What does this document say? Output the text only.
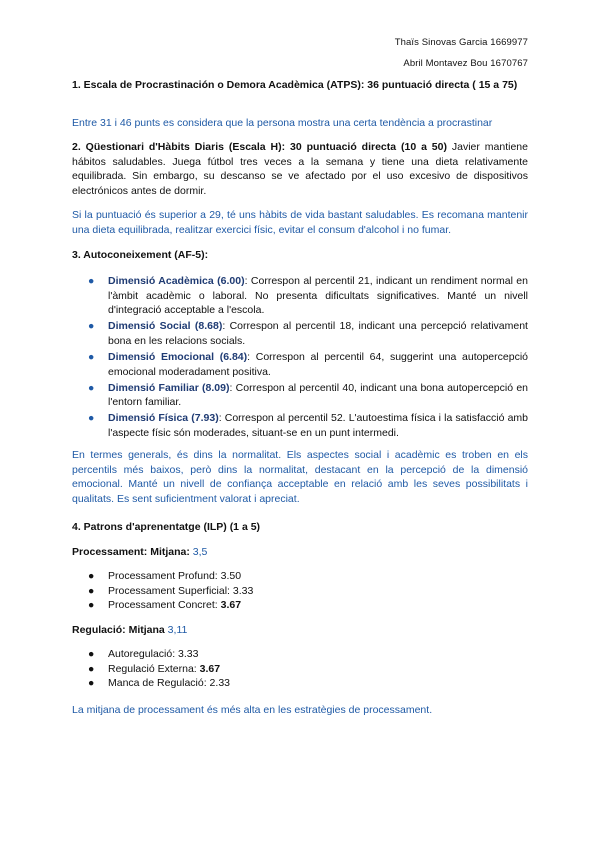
Thaïs Sinovas Garcia 1669977
Abril Montavez Bou 1670767
1. Escala de Procrastinación o Demora Acadèmica (ATPS): 36 puntuació directa ( 15 a 75)
Entre 31 i 46 punts es considera que la persona mostra una certa tendència a procrastinar
2. Qüestionari d'Hàbits Diaris (Escala H): 30 puntuació directa (10 a 50) Javier mantiene hábitos saludables. Juega fútbol tres veces a la semana y tiene una dieta relativamente equilibrada. Sin embargo, su descanso se ve afectado por el uso excesivo de dispositivos electrónicos antes de dormir.
Si la puntuació és superior a 29, té uns hàbits de vida bastant saludables. Es recomana mantenir una dieta equilibrada, realitzar exercici físic, evitar el consum d'alcohol i no fumar.
3. Autoconeixement (AF-5):
● Dimensió Acadèmica (6.00): Correspon al percentil 21, indicant un rendiment normal en l'àmbit acadèmic o laboral. No presenta dificultats significatives. Manté un nivell d'integració acceptable a l'escola.
● Dimensió Social (8.68): Correspon al percentil 18, indicant una percepció relativament bona en les relacions socials.
● Dimensió Emocional (6.84): Correspon al percentil 64, suggerint una autopercepció emocional moderadament positiva.
● Dimensió Familiar (8.09): Correspon al percentil 40, indicant una bona autopercepció en l'entorn familiar.
● Dimensió Física (7.93): Correspon al percentil 52. L'autoestima física i la satisfacció amb l'aspecte físic són moderades, situant-se en un punt intermedi.
En termes generals, és dins la normalitat. Els aspectes social i acadèmic es troben en els percentils més baixos, però dins la normalitat, destacant en la percepció de la dimensió emocional. Manté un nivell de confiança acceptable en relació amb les seves possibilitats i qualitats. Es sent suficientment valorat i apreciat.
4. Patrons d'aprenentatge (ILP) (1 a 5)
Processament: Mitjana: 3,5
● Processament Profund: 3.50
● Processament Superficial: 3.33
● Processament Concret: 3.67
Regulació: Mitjana 3,11
● Autoregulació: 3.33
● Regulació Externa: 3.67
● Manca de Regulació: 2.33
La mitjana de processament és més alta en les estratègies de processament.
